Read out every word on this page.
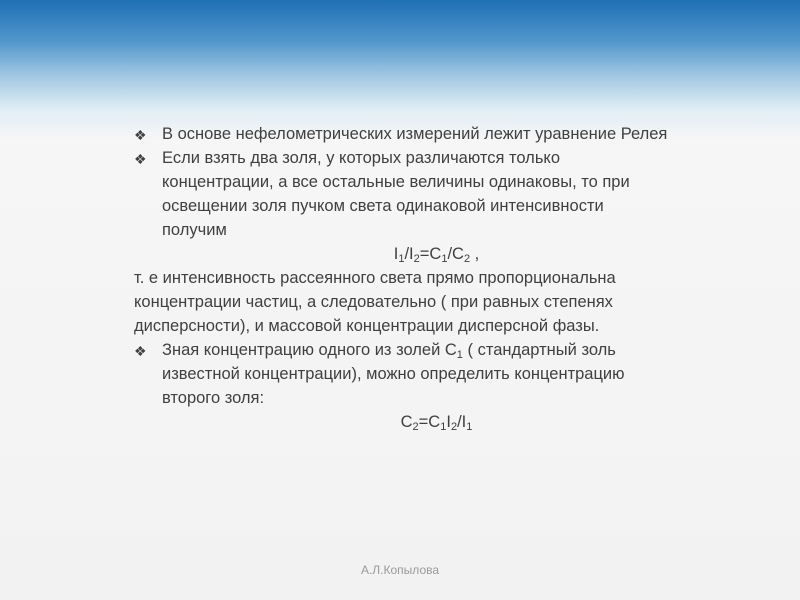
❖ В основе нефелометрических измерений лежит уравнение Релея
❖ Если взять два золя, у которых различаются только концентрации, а все остальные величины одинаковы, то при освещении золя пучком света одинаковой интенсивности получим
$I_1/I_2=C_1/C_2$ ,
т. е интенсивность рассеянного света прямо пропорциональна концентрации частиц, а следовательно ( при равных степенях дисперсности), и массовой концентрации дисперсной фазы.
❖ Зная концентрацию одного из золей $С_1$ ( стандартный золь известной концентрации), можно определить концентрацию второго золя:
$C_2=C_1I_2/I_1$
А.Л.Копылова
